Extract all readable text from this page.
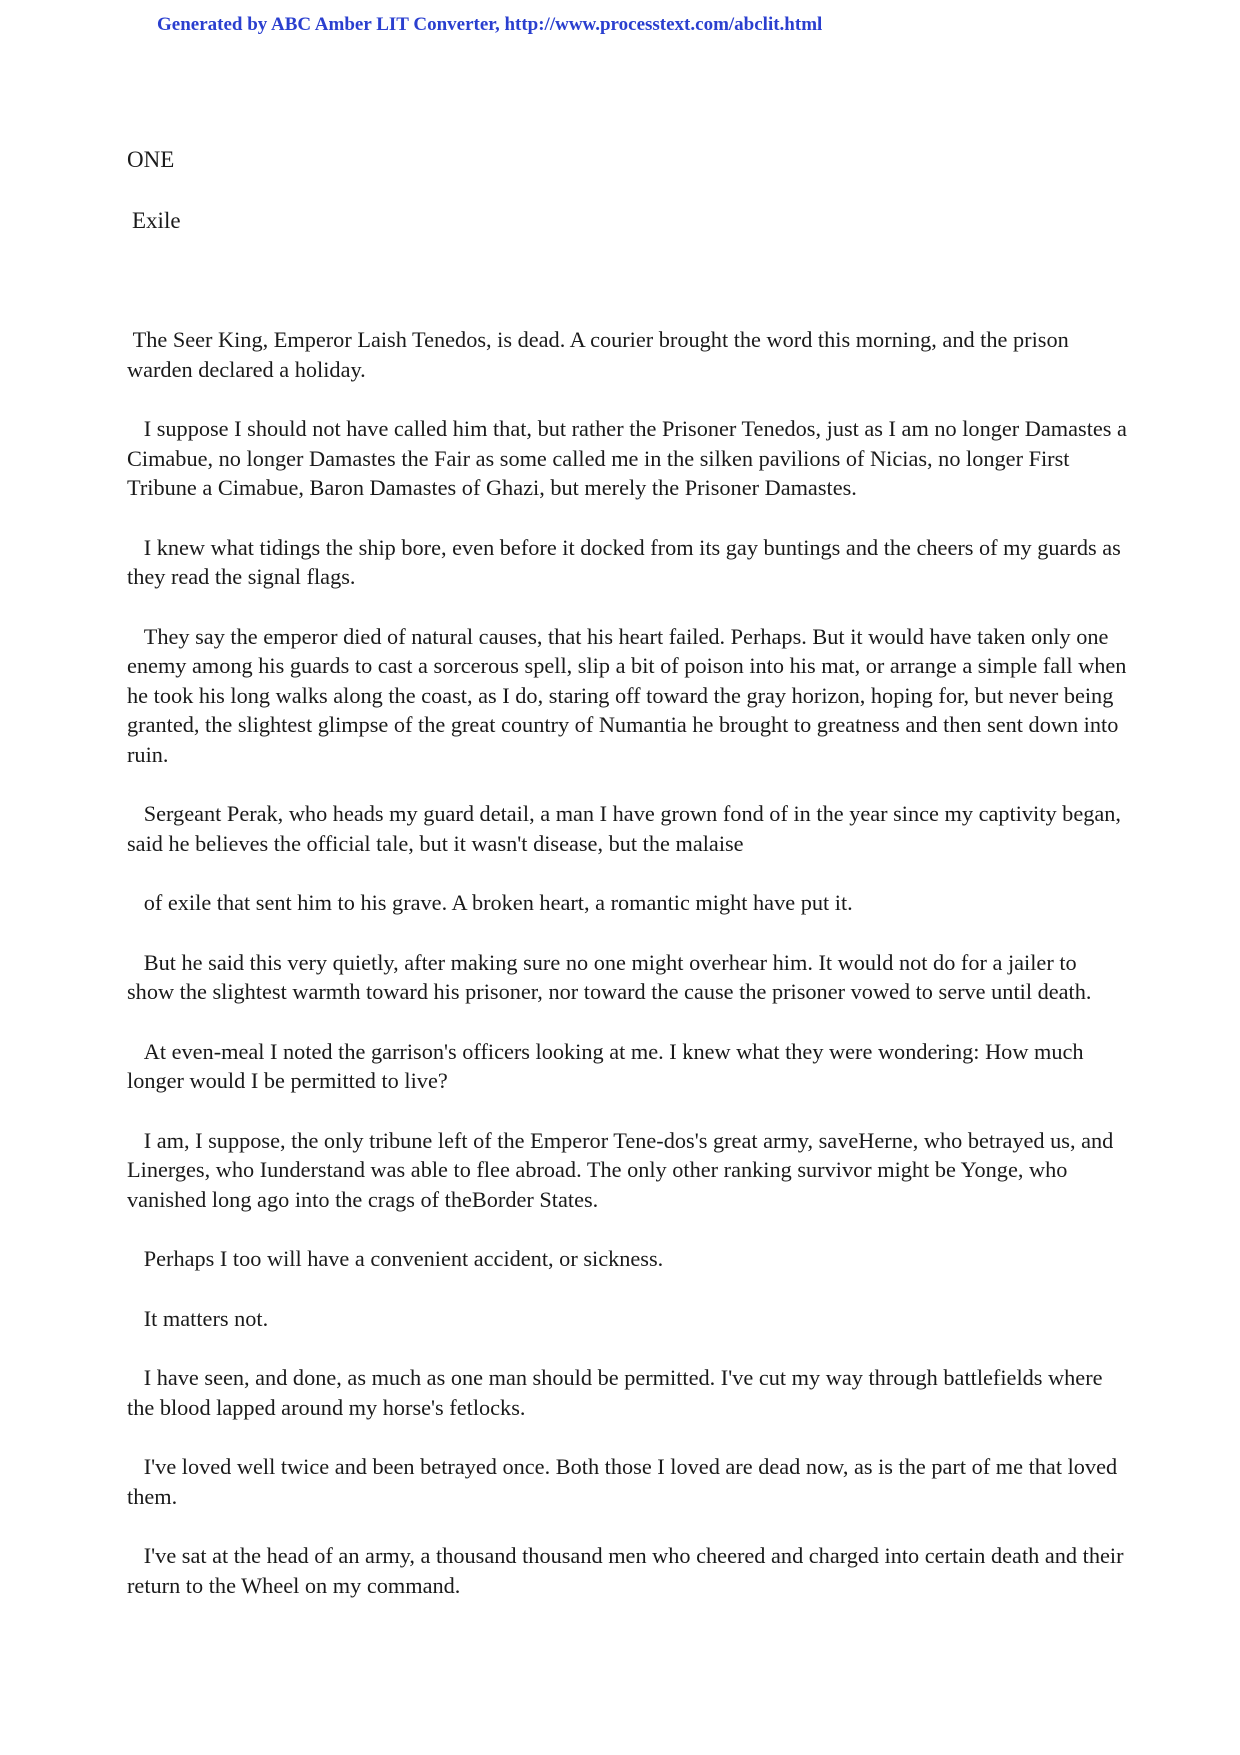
Generated by ABC Amber LIT Converter, http://www.processtext.com/abclit.html
ONE
Exile

The Seer King, Emperor Laish Tenedos, is dead. A courier brought the word this morning, and the prison warden declared a holiday.

I suppose I should not have called him that, but rather the Prisoner Tenedos, just as I am no longer Damastes a Cimabue, no longer Damastes the Fair as some called me in the silken pavilions of Nicias, no longer First Tribune a Cimabue, Baron Damastes of Ghazi, but merely the Prisoner Damastes.

I knew what tidings the ship bore, even before it docked from its gay buntings and the cheers of my guards as they read the signal flags.

They say the emperor died of natural causes, that his heart failed. Perhaps. But it would have taken only one enemy among his guards to cast a sorcerous spell, slip a bit of poison into his mat, or arrange a simple fall when he took his long walks along the coast, as I do, staring off toward the gray horizon, hoping for, but never being granted, the slightest glimpse of the great country of Numantia he brought to greatness and then sent down into ruin.

Sergeant Perak, who heads my guard detail, a man I have grown fond of in the year since my captivity began, said he believes the official tale, but it wasn't disease, but the malaise

of exile that sent him to his grave. A broken heart, a romantic might have put it.

But he said this very quietly, after making sure no one might overhear him. It would not do for a jailer to show the slightest warmth toward his prisoner, nor toward the cause the prisoner vowed to serve until death.

At even-meal I noted the garrison's officers looking at me. I knew what they were wondering: How much longer would I be permitted to live?

I am, I suppose, the only tribune left of the Emperor Tene-dos's great army, saveHerne, who betrayed us, and Linerges, who Iunderstand was able to flee abroad. The only other ranking survivor might be Yonge, who vanished long ago into the crags of theBorder States.

Perhaps I too will have a convenient accident, or sickness.

It matters not.

I have seen, and done, as much as one man should be permitted. I've cut my way through battlefields where the blood lapped around my horse's fetlocks.

I've loved well twice and been betrayed once. Both those I loved are dead now, as is the part of me that loved them.

I've sat at the head of an army, a thousand thousand men who cheered and charged into certain death and their return to the Wheel on my command.
